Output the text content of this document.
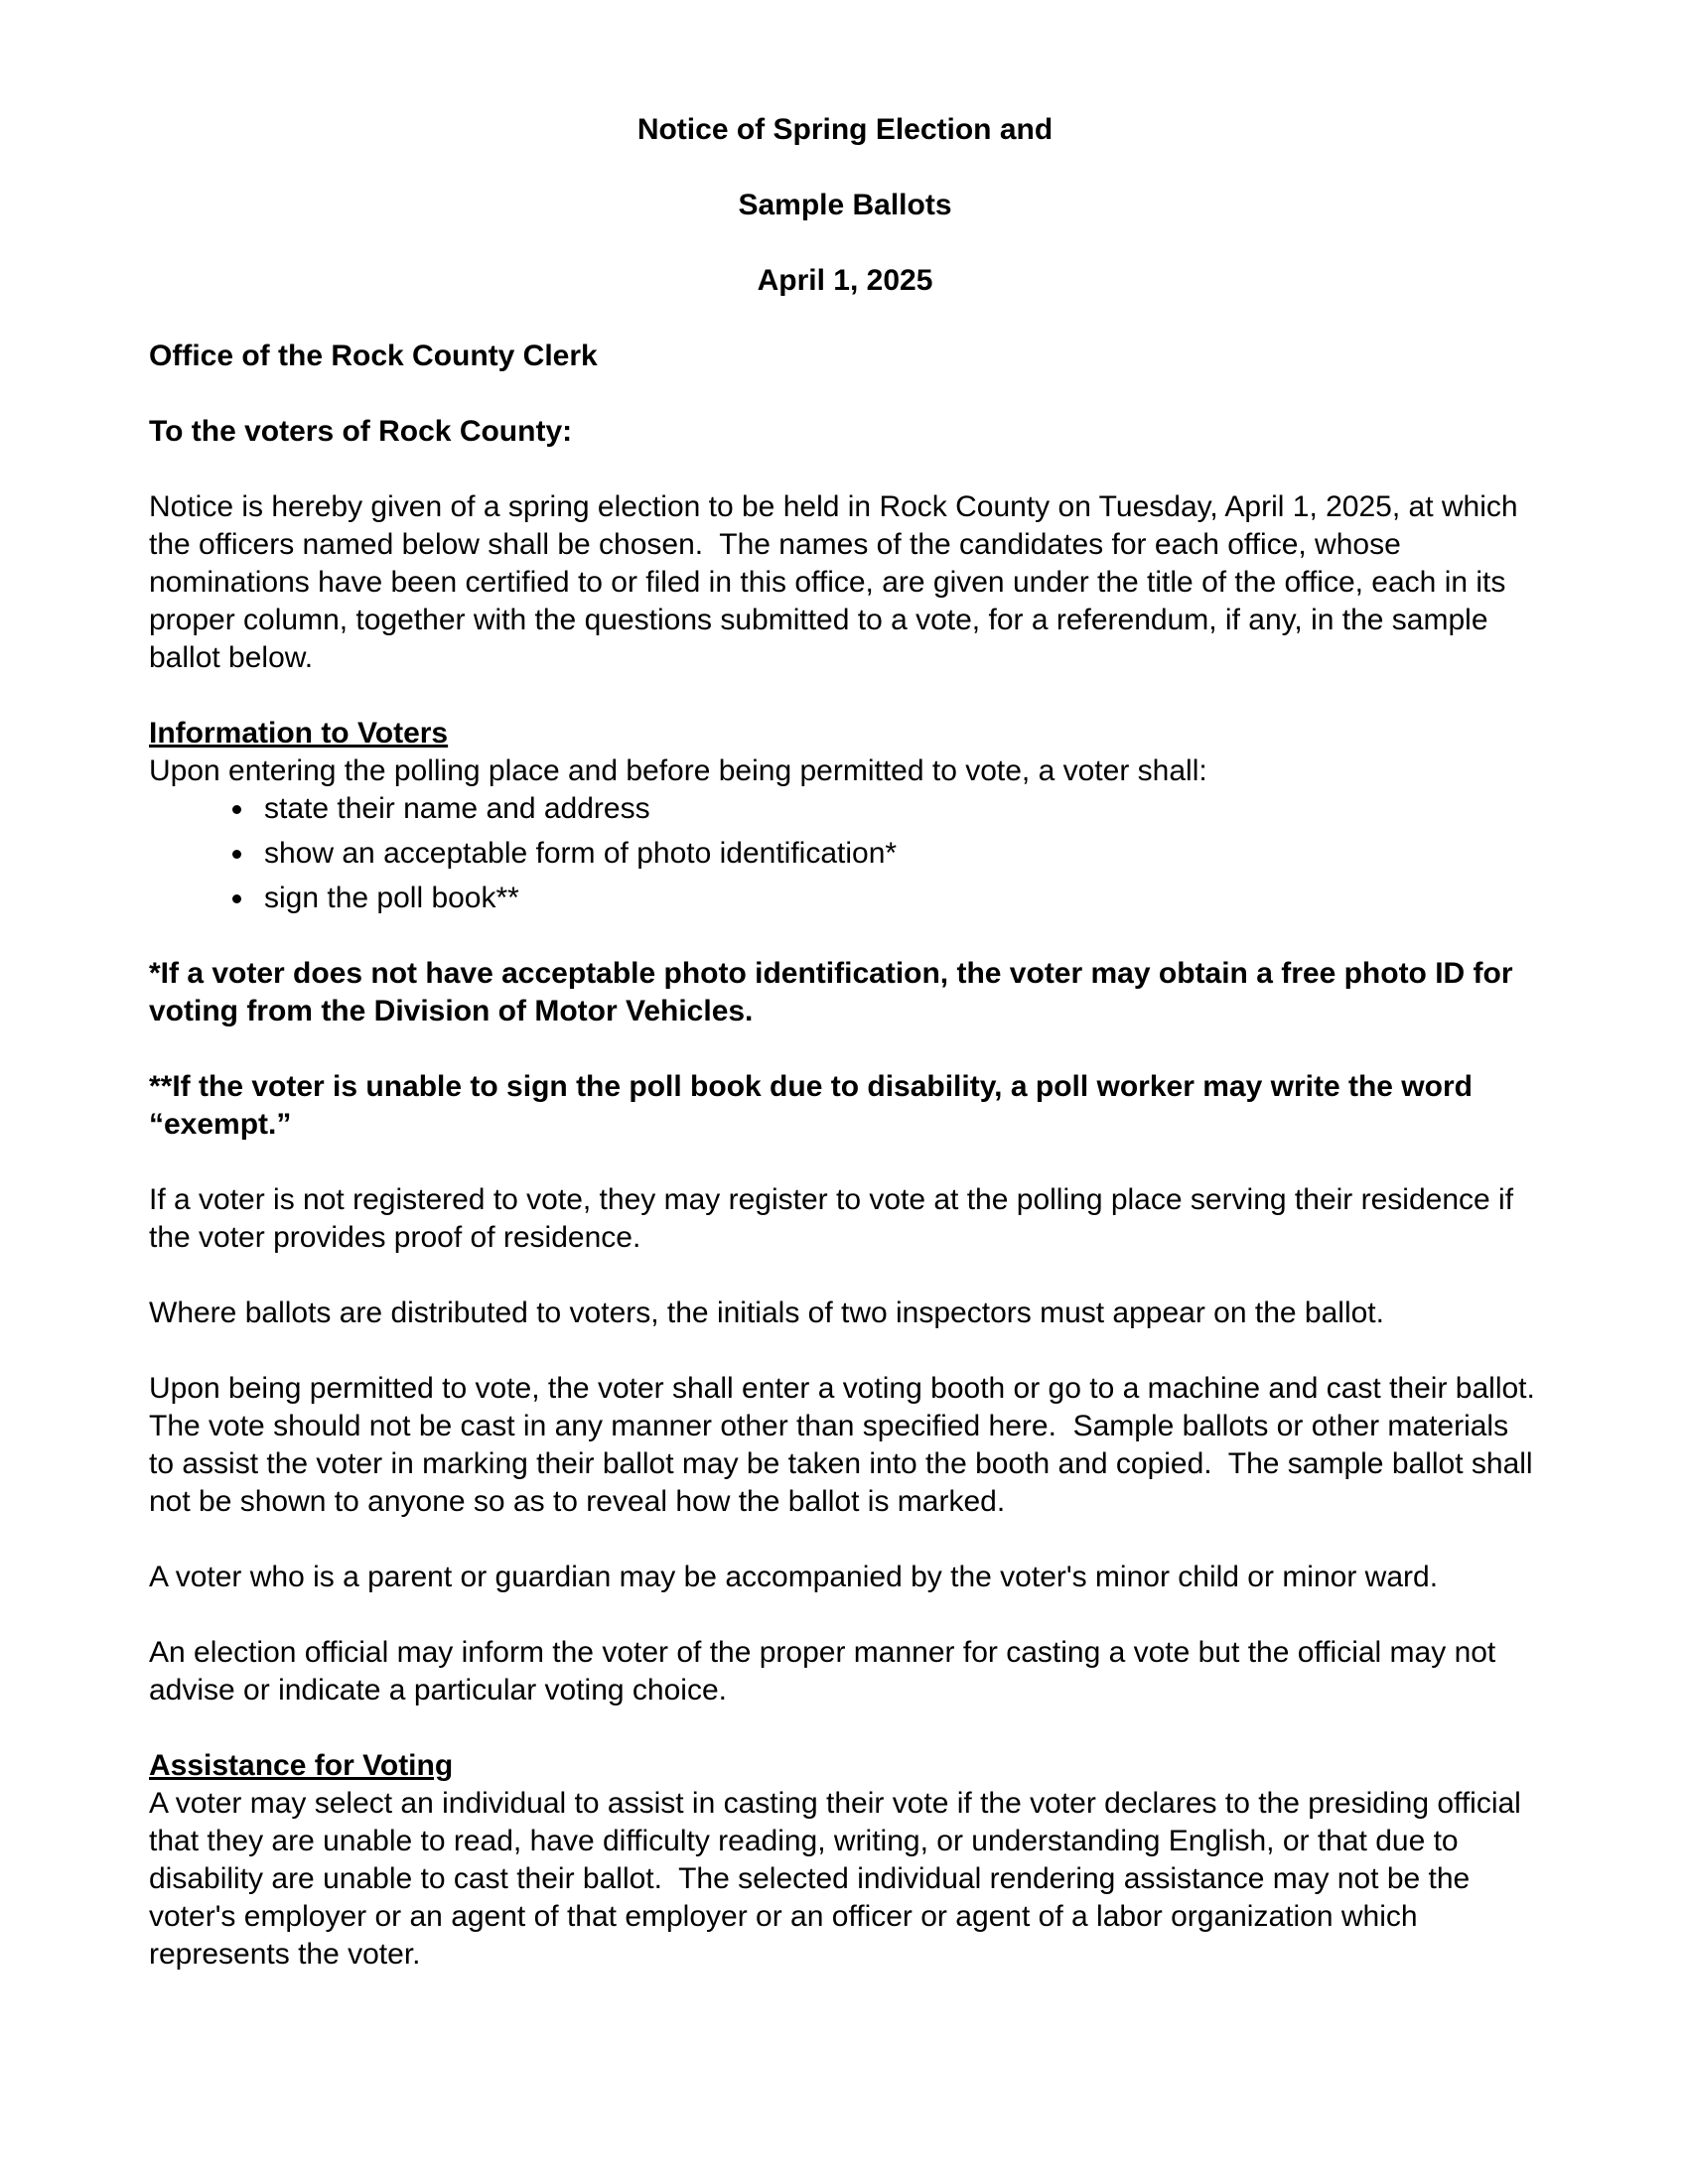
Notice of Spring Election and

Sample Ballots

April 1, 2025

Office of the Rock County Clerk

To the voters of Rock County:

Notice is hereby given of a spring election to be held in Rock County on Tuesday, April 1, 2025, at which the officers named below shall be chosen.  The names of the candidates for each office, whose nominations have been certified to or filed in this office, are given under the title of the office, each in its proper column, together with the questions submitted to a vote, for a referendum, if any, in the sample ballot below.

Information to Voters

Upon entering the polling place and before being permitted to vote, a voter shall:

• state their name and address
• show an acceptable form of photo identification*
• sign the poll book**

*If a voter does not have acceptable photo identification, the voter may obtain a free photo ID for voting from the Division of Motor Vehicles.

**If the voter is unable to sign the poll book due to disability, a poll worker may write the word “exempt.”

If a voter is not registered to vote, they may register to vote at the polling place serving their residence if the voter provides proof of residence.

Where ballots are distributed to voters, the initials of two inspectors must appear on the ballot.

Upon being permitted to vote, the voter shall enter a voting booth or go to a machine and cast their ballot. The vote should not be cast in any manner other than specified here.  Sample ballots or other materials to assist the voter in marking their ballot may be taken into the booth and copied.  The sample ballot shall not be shown to anyone so as to reveal how the ballot is marked.

A voter who is a parent or guardian may be accompanied by the voter's minor child or minor ward.

An election official may inform the voter of the proper manner for casting a vote but the official may not advise or indicate a particular voting choice.

Assistance for Voting

A voter may select an individual to assist in casting their vote if the voter declares to the presiding official that they are unable to read, have difficulty reading, writing, or understanding English, or that due to disability are unable to cast their ballot.  The selected individual rendering assistance may not be the voter's employer or an agent of that employer or an officer or agent of a labor organization which represents the voter.
